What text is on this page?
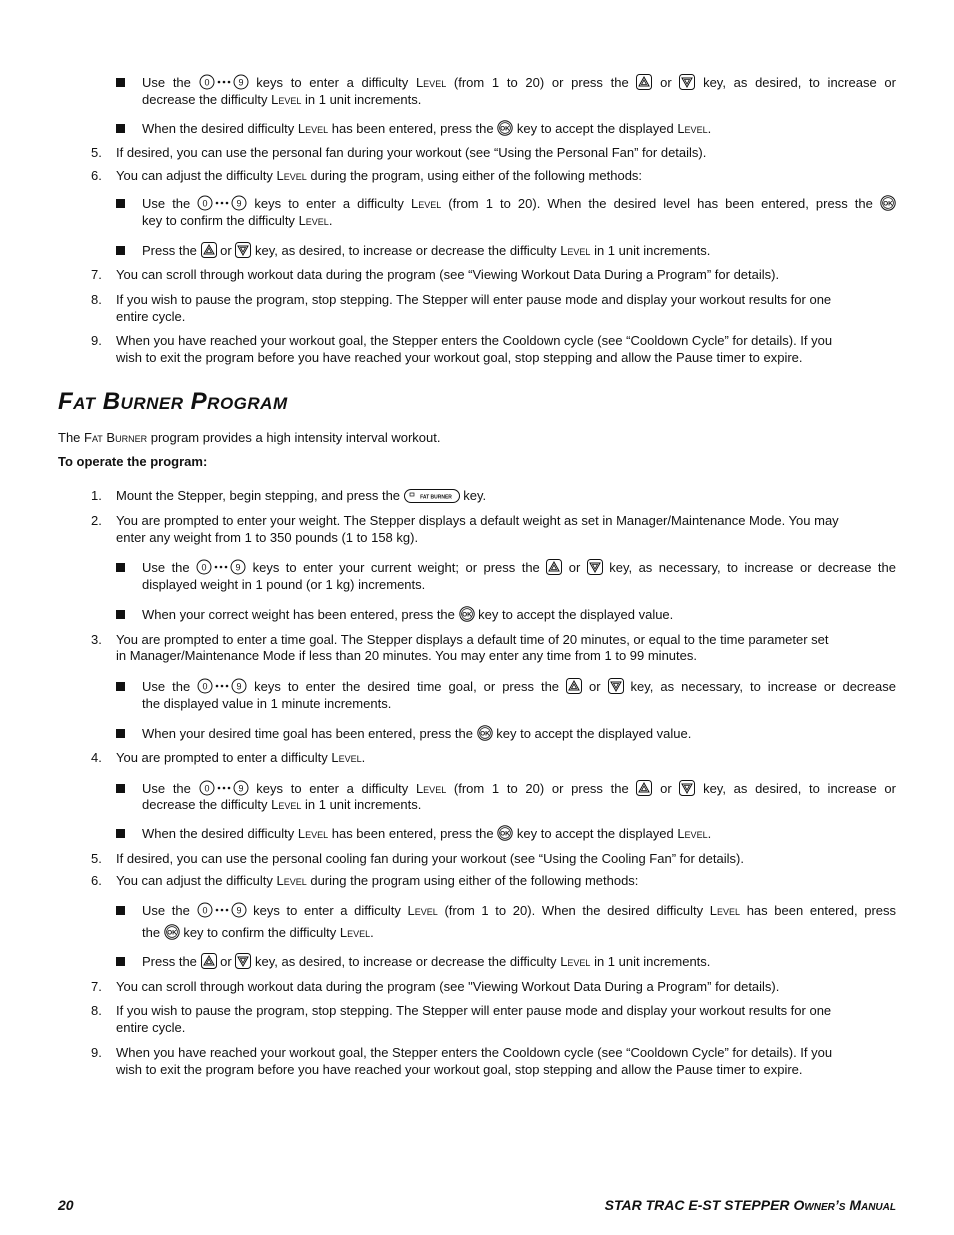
Use the	keys to enter a difficulty Level (from 1 to 20) or press the or key, as desired, to increase or
decrease the difficulty Level in 1 unit increments.
When the desired difficulty Level has been entered, press the key to accept the displayed Level.
5. If desired, you can use the personal fan during your workout (see “Using the Personal Fan” for details).
6. You can adjust the difficulty Level during the program, using either of the following methods:
Use the	keys to enter a difficulty Level (from 1 to 20). When the desired level has been entered, press the
key to confirm the difficulty Level.
Press the or key, as desired, to increase or decrease the difficulty Level in 1 unit increments.
7. You can scroll through workout data during the program (see “Viewing Workout Data During a Program” for details).
8. If you wish to pause the program, stop stepping. The Stepper will enter pause mode and display your workout results for one
entire cycle.
9. When you have reached your workout goal, the Stepper enters the Cooldown cycle (see “Cooldown Cycle” for details). If you
wish to exit the program before you have reached your workout goal, stop stepping and allow the Pause timer to expire.
Fat Burner Program
The Fat Burner program provides a high intensity interval workout.
To operate the program:
1. Mount the Stepper, begin stepping, and press the	FAT BURNER key.
2. You are prompted to enter your weight. The Stepper displays a default weight as set in Manager/Maintenance Mode. You may
enter any weight from 1 to 350 pounds (1 to 158 kg).
Use the	keys to enter your current weight; or press the or key, as necessary, to increase or decrease the
displayed weight in 1 pound (or 1 kg) increments.
When your correct weight has been entered, press the key to accept the displayed value.
3. You are prompted to enter a time goal. The Stepper displays a default time of 20 minutes, or equal to the time parameter set
in Manager/Maintenance Mode if less than 20 minutes. You may enter any time from 1 to 99 minutes.
Use the	keys to enter the desired time goal, or press the or key, as necessary, to increase or decrease
the displayed value in 1 minute increments.
When your desired time goal has been entered, press the key to accept the displayed value.
4. You are prompted to enter a difficulty Level.
Use the	keys to enter a difficulty Level (from 1 to 20) or press the or key, as desired, to increase or
decrease the difficulty Level in 1 unit increments.
When the desired difficulty Level has been entered, press the key to accept the displayed Level.
5. If desired, you can use the personal cooling fan during your workout (see “Using the Cooling Fan” for details).
6. You can adjust the difficulty Level during the program using either of the following methods:
Use the	keys to enter a difficulty Level (from 1 to 20). When the desired difficulty Level has been entered, press
the key to confirm the difficulty Level.
Press the or key, as desired, to increase or decrease the difficulty Level in 1 unit increments.
7. You can scroll through workout data during the program (see "Viewing Workout Data During a Program” for details).
8. If you wish to pause the program, stop stepping. The Stepper will enter pause mode and display your workout results for one
entire cycle.
9. When you have reached your workout goal, the Stepper enters the Cooldown cycle (see “Cooldown Cycle” for details). If you
wish to exit the program before you have reached your workout goal, stop stepping and allow the Pause timer to expire.
20	STAR TRAC E-ST STEPPER Owner’s Manual
